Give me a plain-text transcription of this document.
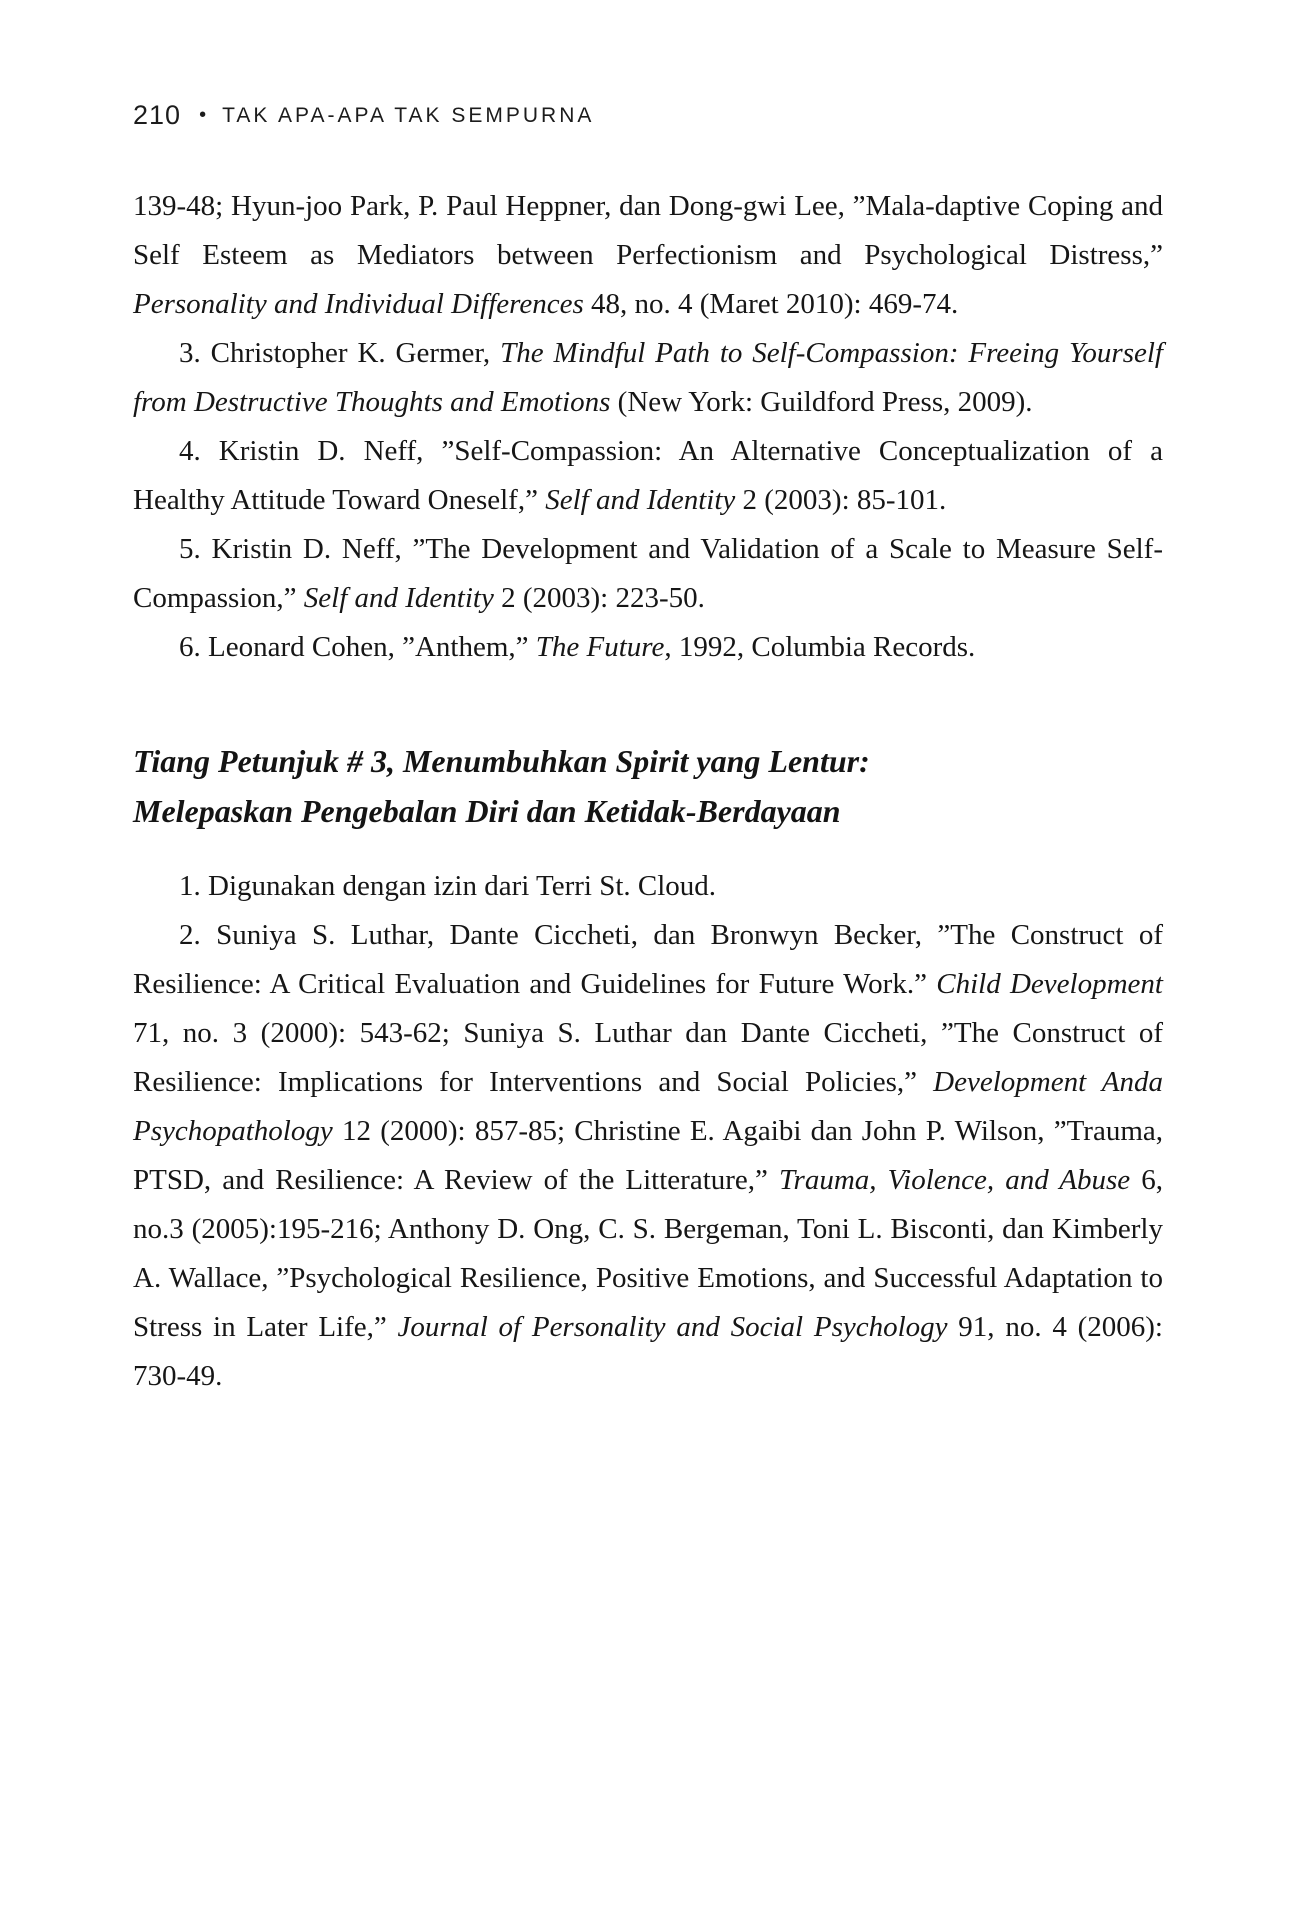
210 • TAK APA-APA TAK SEMPURNA

139-48; Hyun-joo Park, P. Paul Heppner, dan Dong-gwi Lee, ”Mala-daptive Coping and Self Esteem as Mediators between Perfectionism and Psychological Distress,” Personality and Individual Differences 48, no. 4 (Maret 2010): 469-74.

3. Christopher K. Germer, The Mindful Path to Self-Compassion: Freeing Yourself from Destructive Thoughts and Emotions (New York: Guildford Press, 2009).

4. Kristin D. Neff, ”Self-Compassion: An Alternative Conceptualization of a Healthy Attitude Toward Oneself,” Self and Identity 2 (2003): 85-101.

5. Kristin D. Neff, ”The Development and Validation of a Scale to Measure Self-Compassion,” Self and Identity 2 (2003): 223-50.

6. Leonard Cohen, ”Anthem,” The Future, 1992, Columbia Records.

Tiang Petunjuk # 3, Menumbuhkan Spirit yang Lentur:
Melepaskan Pengebalan Diri dan Ketidak-Berdayaan

1. Digunakan dengan izin dari Terri St. Cloud.

2. Suniya S. Luthar, Dante Ciccheti, dan Bronwyn Becker, ”The Construct of Resilience: A Critical Evaluation and Guidelines for Future Work.” Child Development 71, no. 3 (2000): 543-62; Suniya S. Luthar dan Dante Ciccheti, ”The Construct of Resilience: Implications for Interventions and Social Policies,” Development Anda Psychopathology 12 (2000): 857-85; Christine E. Agaibi dan John P. Wilson, ”Trauma, PTSD, and Resilience: A Review of the Litterature,” Trauma, Violence, and Abuse 6, no.3 (2005):195-216; Anthony D. Ong, C. S. Bergeman, Toni L. Bisconti, dan Kimberly A. Wallace, ”Psychological Resilience, Positive Emotions, and Successful Adaptation to Stress in Later Life,” Journal of Personality and Social Psychology 91, no. 4 (2006): 730-49.
